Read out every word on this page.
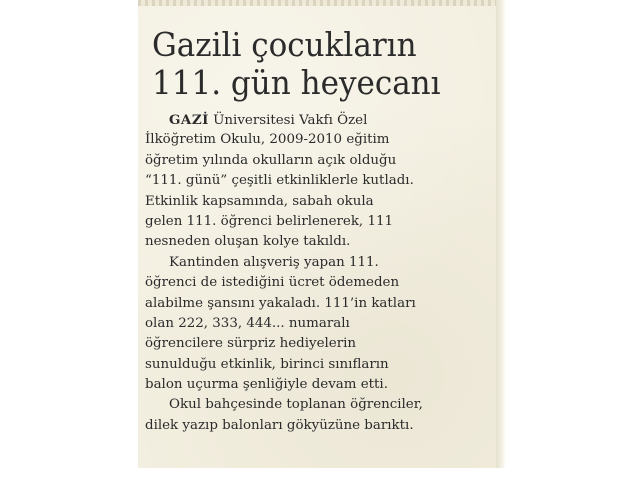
Gazili çocukların
111. gün heyecanı

GAZİ Üniversitesi Vakfı Özel
İlköğretim Okulu, 2009-2010 eğitim
öğretim yılında okulların açık olduğu
“111. günü” çeşitli etkinliklerle kutladı.
Etkinlik kapsamında, sabah okula
gelen 111. öğrenci belirlenerek, 111
nesneden oluşan kolye takıldı.

Kantinden alışveriş yapan 111.
öğrenci de istediğini ücret ödemeden
alabilme şansını yakaladı. 111’in katları
olan 222, 333, 444... numaralı
öğrencilere sürpriz hediyelerin
sunulduğu etkinlik, birinci sınıfların
balon uçurma şenliğiyle devam etti.
Okul bahçesinde toplanan öğrenciler,
dilek yazıp balonları gökyüzüne barıktı.
